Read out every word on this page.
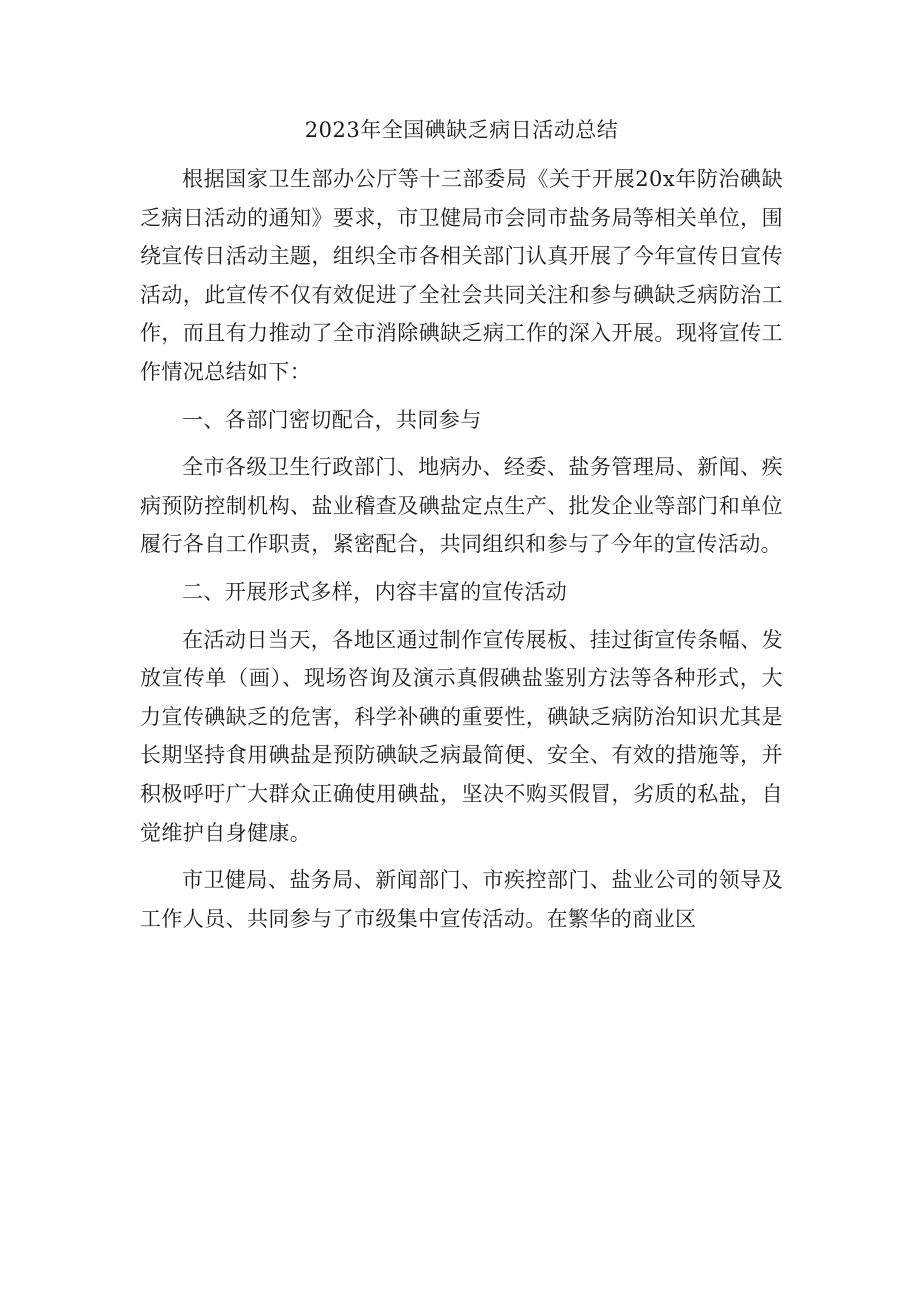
2023年全国碘缺乏病日活动总结

根据国家卫生部办公厅等十三部委局《关于开展20x年防治碘缺乏病日活动的通知》要求，市卫健局市会同市盐务局等相关单位，围绕宣传日活动主题，组织全市各相关部门认真开展了今年宣传日宣传活动，此宣传不仅有效促进了全社会共同关注和参与碘缺乏病防治工作，而且有力推动了全市消除碘缺乏病工作的深入开展。现将宣传工作情况总结如下：

一、各部门密切配合，共同参与

全市各级卫生行政部门、地病办、经委、盐务管理局、新闻、疾病预防控制机构、盐业稽查及碘盐定点生产、批发企业等部门和单位履行各自工作职责，紧密配合，共同组织和参与了今年的宣传活动。

二、开展形式多样，内容丰富的宣传活动

在活动日当天，各地区通过制作宣传展板、挂过街宣传条幅、发放宣传单（画）、现场咨询及演示真假碘盐鉴别方法等各种形式，大力宣传碘缺乏的危害，科学补碘的重要性，碘缺乏病防治知识尤其是长期坚持食用碘盐是预防碘缺乏病最简便、安全、有效的措施等，并积极呼吁广大群众正确使用碘盐，坚决不购买假冒，劣质的私盐，自觉维护自身健康。

市卫健局、盐务局、新闻部门、市疾控部门、盐业公司的领导及工作人员、共同参与了市级集中宣传活动。在繁华的商业区
